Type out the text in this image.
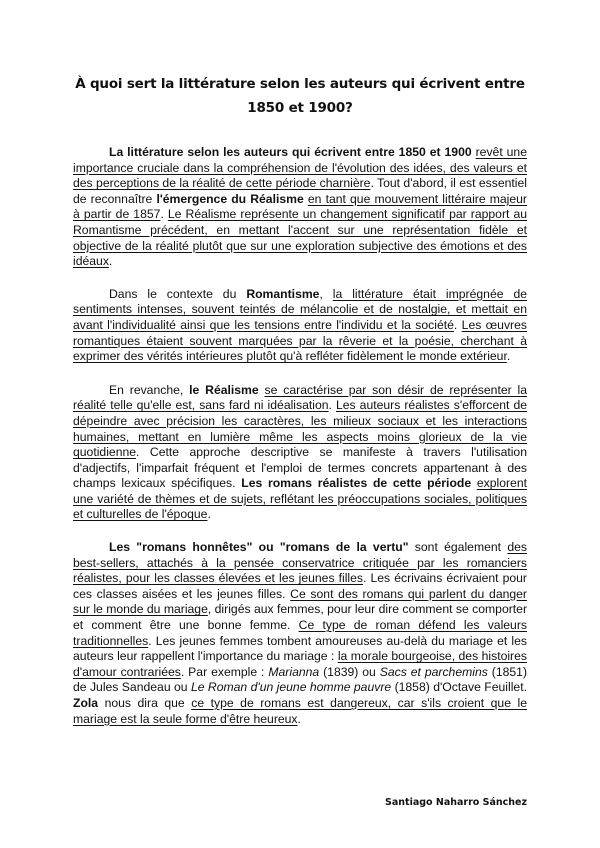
À quoi sert la littérature selon les auteurs qui écrivent entre
1850 et 1900?

La littérature selon les auteurs qui écrivent entre 1850 et 1900 revêt une importance cruciale dans la compréhension de l'évolution des idées, des valeurs et des perceptions de la réalité de cette période charnière. Tout d'abord, il est essentiel de reconnaître l'émergence du Réalisme en tant que mouvement littéraire majeur à partir de 1857. Le Réalisme représente un changement significatif par rapport au Romantisme précédent, en mettant l'accent sur une représentation fidèle et objective de la réalité plutôt que sur une exploration subjective des émotions et des idéaux.

Dans le contexte du Romantisme, la littérature était imprégnée de sentiments intenses, souvent teintés de mélancolie et de nostalgie, et mettait en avant l'individualité ainsi que les tensions entre l'individu et la société. Les œuvres romantiques étaient souvent marquées par la rêverie et la poésie, cherchant à exprimer des vérités intérieures plutôt qu'à refléter fidèlement le monde extérieur.

En revanche, le Réalisme se caractérise par son désir de représenter la réalité telle qu'elle est, sans fard ni idéalisation. Les auteurs réalistes s'efforcent de dépeindre avec précision les caractères, les milieux sociaux et les interactions humaines, mettant en lumière même les aspects moins glorieux de la vie quotidienne. Cette approche descriptive se manifeste à travers l'utilisation d'adjectifs, l'imparfait fréquent et l'emploi de termes concrets appartenant à des champs lexicaux spécifiques. Les romans réalistes de cette période explorent une variété de thèmes et de sujets, reflétant les préoccupations sociales, politiques et culturelles de l'époque.

Les "romans honnêtes" ou "romans de la vertu" sont également des best-sellers, attachés à la pensée conservatrice critiquée par les romanciers réalistes, pour les classes élevées et les jeunes filles. Les écrivains écrivaient pour ces classes aisées et les jeunes filles. Ce sont des romans qui parlent du danger sur le monde du mariage, dirigés aux femmes, pour leur dire comment se comporter et comment être une bonne femme. Ce type de roman défend les valeurs traditionnelles. Les jeunes femmes tombent amoureuses au-delà du mariage et les auteurs leur rappellent l'importance du mariage : la morale bourgeoise, des histoires d'amour contrariées. Par exemple : Marianna (1839) ou Sacs et parchemins (1851) de Jules Sandeau ou Le Roman d'un jeune homme pauvre (1858) d'Octave Feuillet. Zola nous dira que ce type de romans est dangereux, car s'ils croient que le mariage est la seule forme d'être heureux.

Santiago Naharro Sánchez
